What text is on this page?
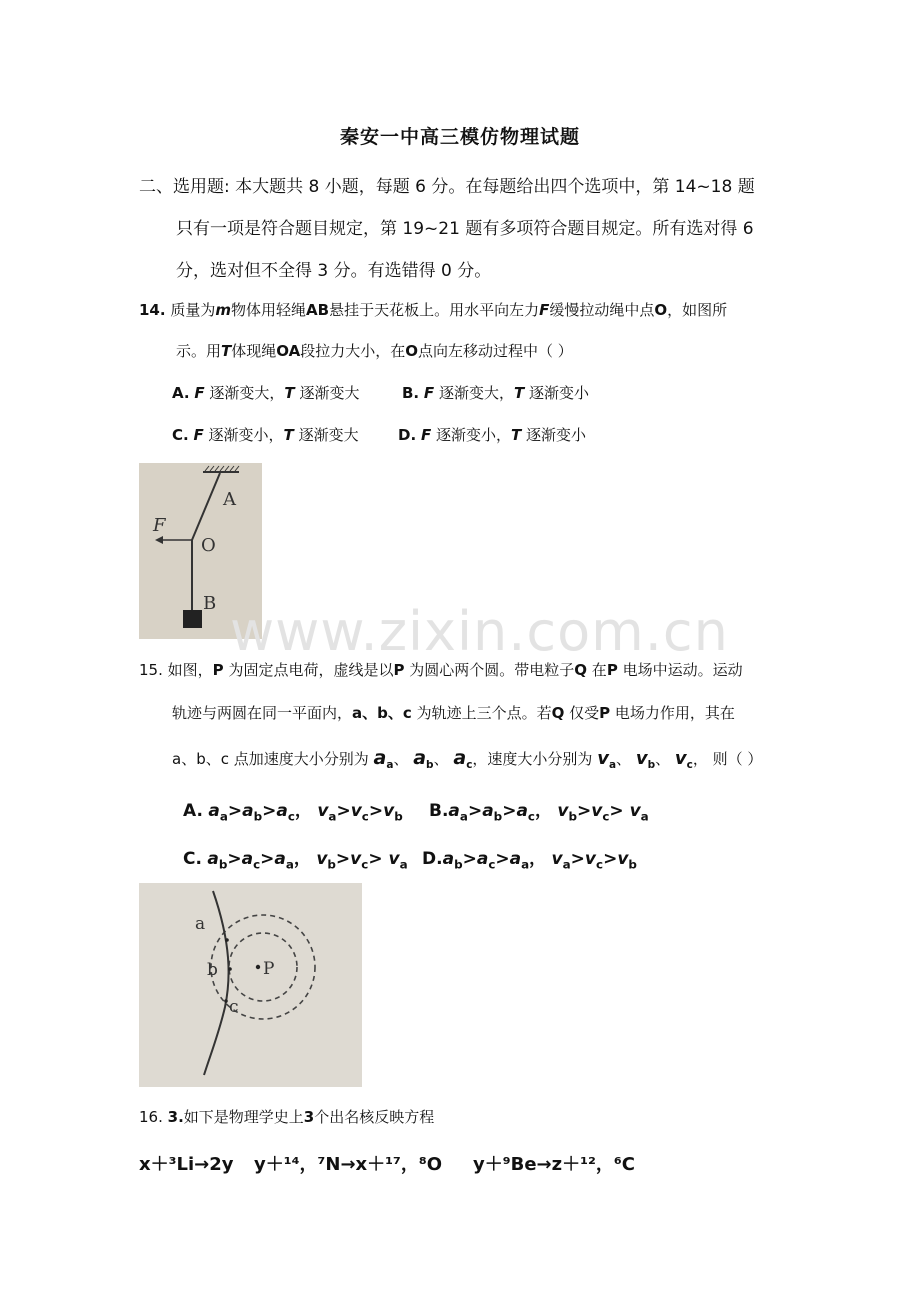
秦安一中高三模仿物理试题
二、选用题: 本大题共 8 小题，每题 6 分。在每题给出四个选项中，第 14~18 题
只有一项是符合题目规定，第 19~21 题有多项符合题目规定。所有选对得 6
分，选对但不全得 3 分。有选错得 0 分。
14. 质量为m物体用轻绳AB悬挂于天花板上。用水平向左力F缓慢拉动绳中点O，如图所
示。用T体现绳OA段拉力大小，在O点向左移动过程中（ ）
A. F 逐渐变大，T 逐渐变大	B. F 逐渐变大，T 逐渐变小
C. F 逐渐变小，T 逐渐变大	D. F 逐渐变小，T 逐渐变小
A
F
O
B www.zixin.com.cn
15. 如图，P 为固定点电荷，虚线是以P 为圆心两个圆。带电粒子Q 在P 电场中运动。运动
轨迹与两圆在同一平面内，a、b、c 为轨迹上三个点。若Q 仅受P 电场力作用，其在
a、b、c 点加速度大小分别为 $a_a$、 $a_b$、 $a_c$，速度大小分别为 $v_a$、 $v_b$、 $v_c$， 则（ ）
A. $a_a>a_b>a_c$， $v_a>v_c>v_b$ $B.a_a>a_b>a_c$， $v_b>v_c> v_a$
C. $a_b>a_c>a_a$， $v_b>v_c> v_a$ $D.a_b>a_c>a_a$， $v_a>v_c>v_b$
a
b	P
c
16. 3.如下是物理学史上3个出名核反映方程
x＋³Li→2y y＋¹⁴，⁷N→x＋¹⁷，⁸O y＋⁹Be→z＋¹²，⁶C
